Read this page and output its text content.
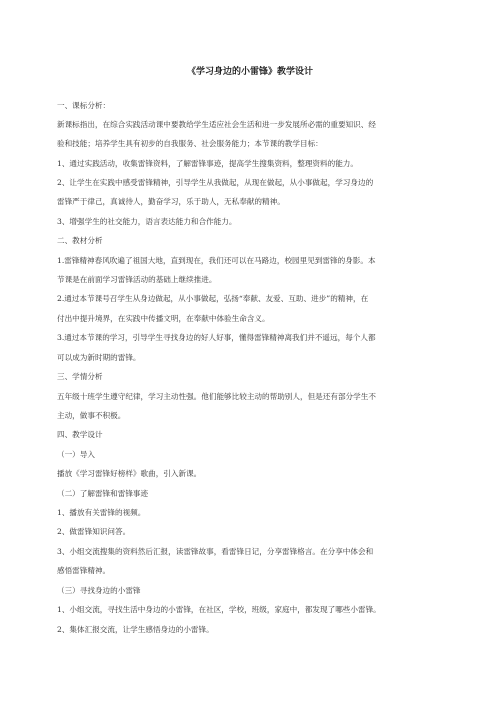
《学习身边的小雷锋》教学设计
一、课标分析：
新课标指出，在综合实践活动课中要教给学生适应社会生活和进一步发展所必需的重要知识、经
验和技能；培养学生具有初步的自我服务、社会服务能力；本节课的教学目标：
1、通过实践活动，收集雷锋资料，了解雷锋事迹，提高学生搜集资料，整理资料的能力。
2、让学生在实践中感受雷锋精神，引导学生从我做起，从现在做起，从小事做起，学习身边的
雷锋严于律己，真诚待人，勤奋学习，乐于助人，无私奉献的精神。
3、增强学生的社交能力，语言表达能力和合作能力。
二、教材分析
1.雷锋精神春风吹遍了祖国大地，直到现在，我们还可以在马路边，校园里见到雷锋的身影。本
节课是在前面学习雷锋活动的基础上继续推进。
2.通过本节课号召学生从身边做起，从小事做起，弘扬“奉献、友爱、互助、进步”的精神，在
付出中提升境界，在实践中传播文明，在奉献中体验生命含义。
3.通过本节课的学习，引导学生寻找身边的好人好事，懂得雷锋精神离我们并不遥远，每个人都
可以成为新时期的雷锋。
三、学情分析
五年级十班学生遵守纪律，学习主动性强。他们能够比较主动的帮助别人，但是还有部分学生不
主动，做事不积极。
四、教学设计
（一）导入
播放《学习雷锋好榜样》歌曲，引入新课。
（二）了解雷锋和雷锋事迹
1、播放有关雷锋的视频。
2、做雷锋知识问答。
3、小组交流搜集的资料然后汇报，读雷锋故事，看雷锋日记，分享雷锋格言。在分享中体会和
感悟雷锋精神。
（三）寻找身边的小雷锋
1、小组交流，寻找生活中身边的小雷锋，在社区，学校，班级，家庭中，都发现了哪些小雷锋。
2、集体汇报交流，让学生感悟身边的小雷锋。
